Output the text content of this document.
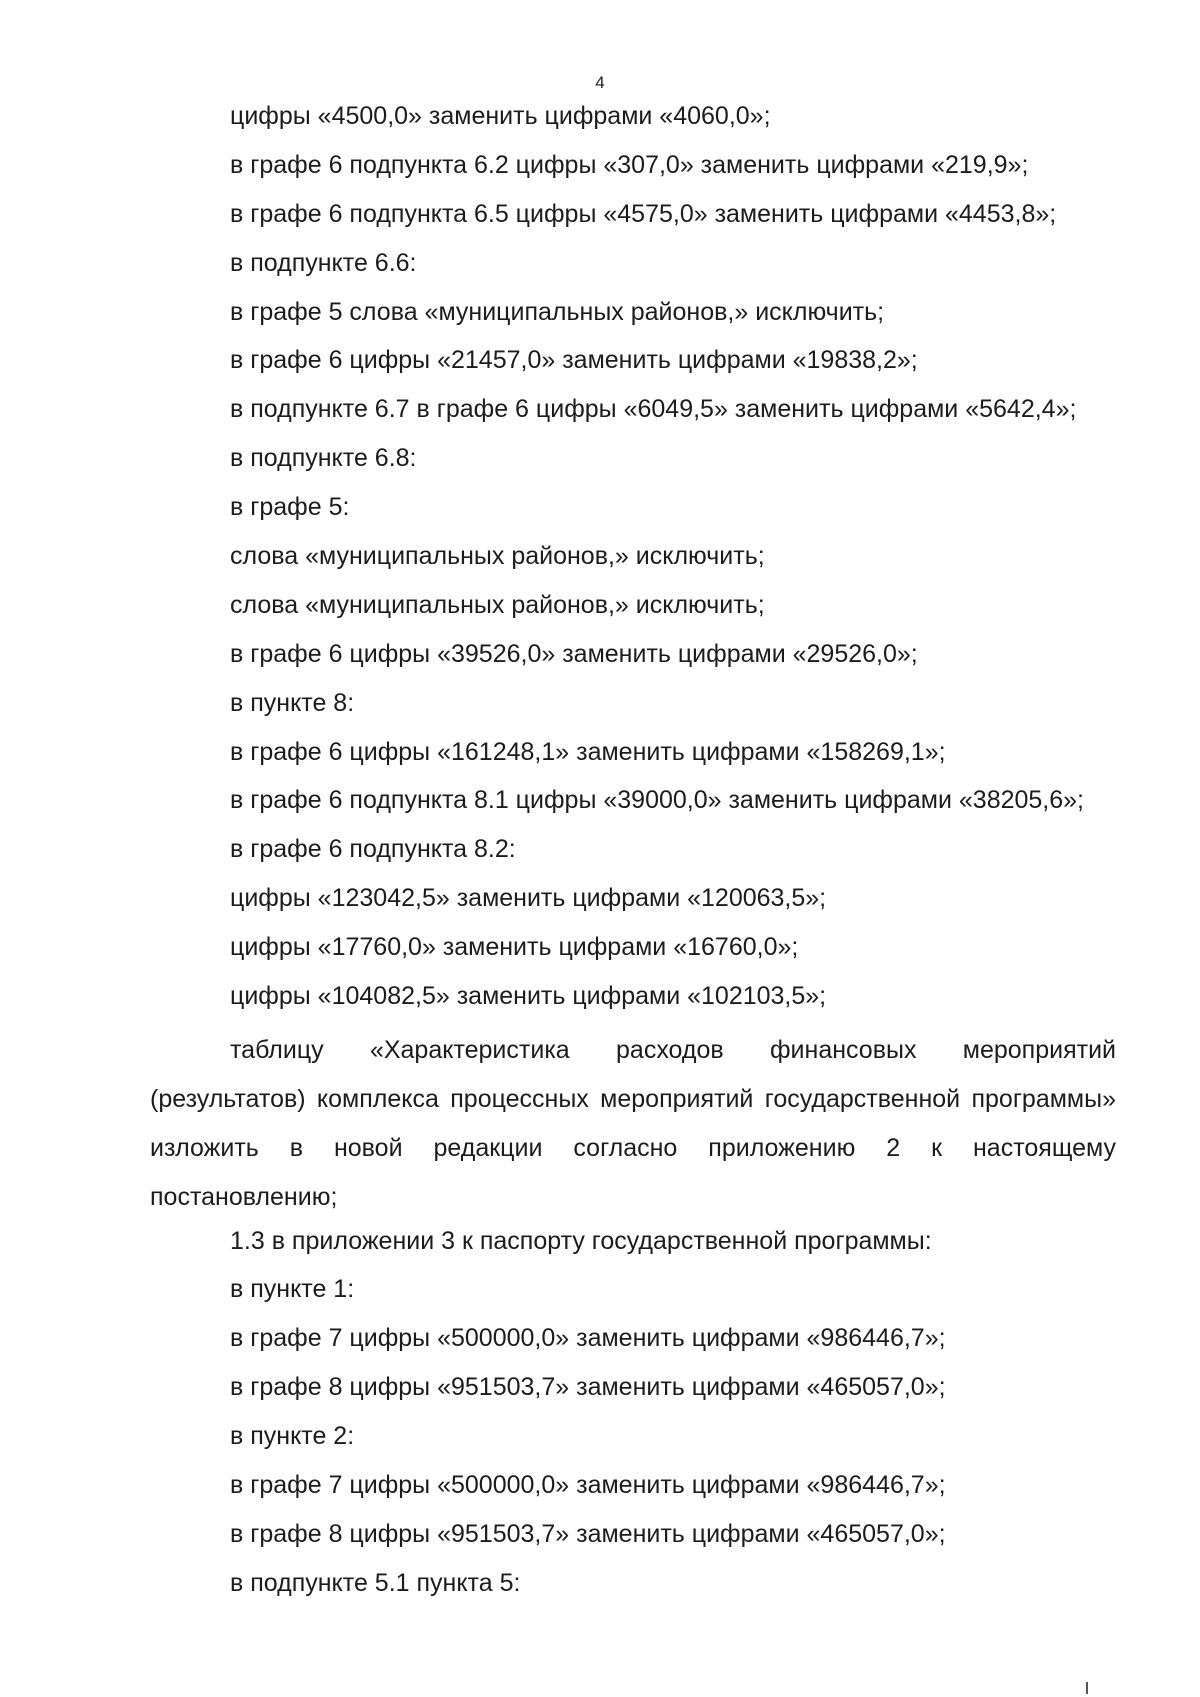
4
цифры «4500,0» заменить цифрами «4060,0»;
в графе 6 подпункта 6.2 цифры «307,0» заменить цифрами «219,9»;
в графе 6 подпункта 6.5 цифры «4575,0» заменить цифрами «4453,8»;
в подпункте 6.6:
в графе 5 слова «муниципальных районов,» исключить;
в графе 6 цифры «21457,0» заменить цифрами «19838,2»;
в подпункте 6.7 в графе 6 цифры «6049,5» заменить цифрами «5642,4»;
в подпункте 6.8:
в графе 5:
слова «муниципальных районов,» исключить;
слова «муниципальных районов,» исключить;
в графе 6 цифры «39526,0» заменить цифрами «29526,0»;
в пункте 8:
в графе 6 цифры «161248,1» заменить цифрами «158269,1»;
в графе 6 подпункта 8.1 цифры «39000,0» заменить цифрами «38205,6»;
в графе 6 подпункта 8.2:
цифры «123042,5» заменить цифрами «120063,5»;
цифры «17760,0» заменить цифрами «16760,0»;
цифры «104082,5» заменить цифрами «102103,5»;

таблицу «Характеристика расходов финансовых мероприятий (результатов) комплекса процессных мероприятий государственной программы» изложить в новой редакции согласно приложению 2 к настоящему постановлению;

1.3 в приложении 3 к паспорту государственной программы:
в пункте 1:
в графе 7 цифры «500000,0» заменить цифрами «986446,7»;
в графе 8 цифры «951503,7» заменить цифрами «465057,0»;
в пункте 2:
в графе 7 цифры «500000,0» заменить цифрами «986446,7»;
в графе 8 цифры «951503,7» заменить цифрами «465057,0»;
в подпункте 5.1 пункта 5:
